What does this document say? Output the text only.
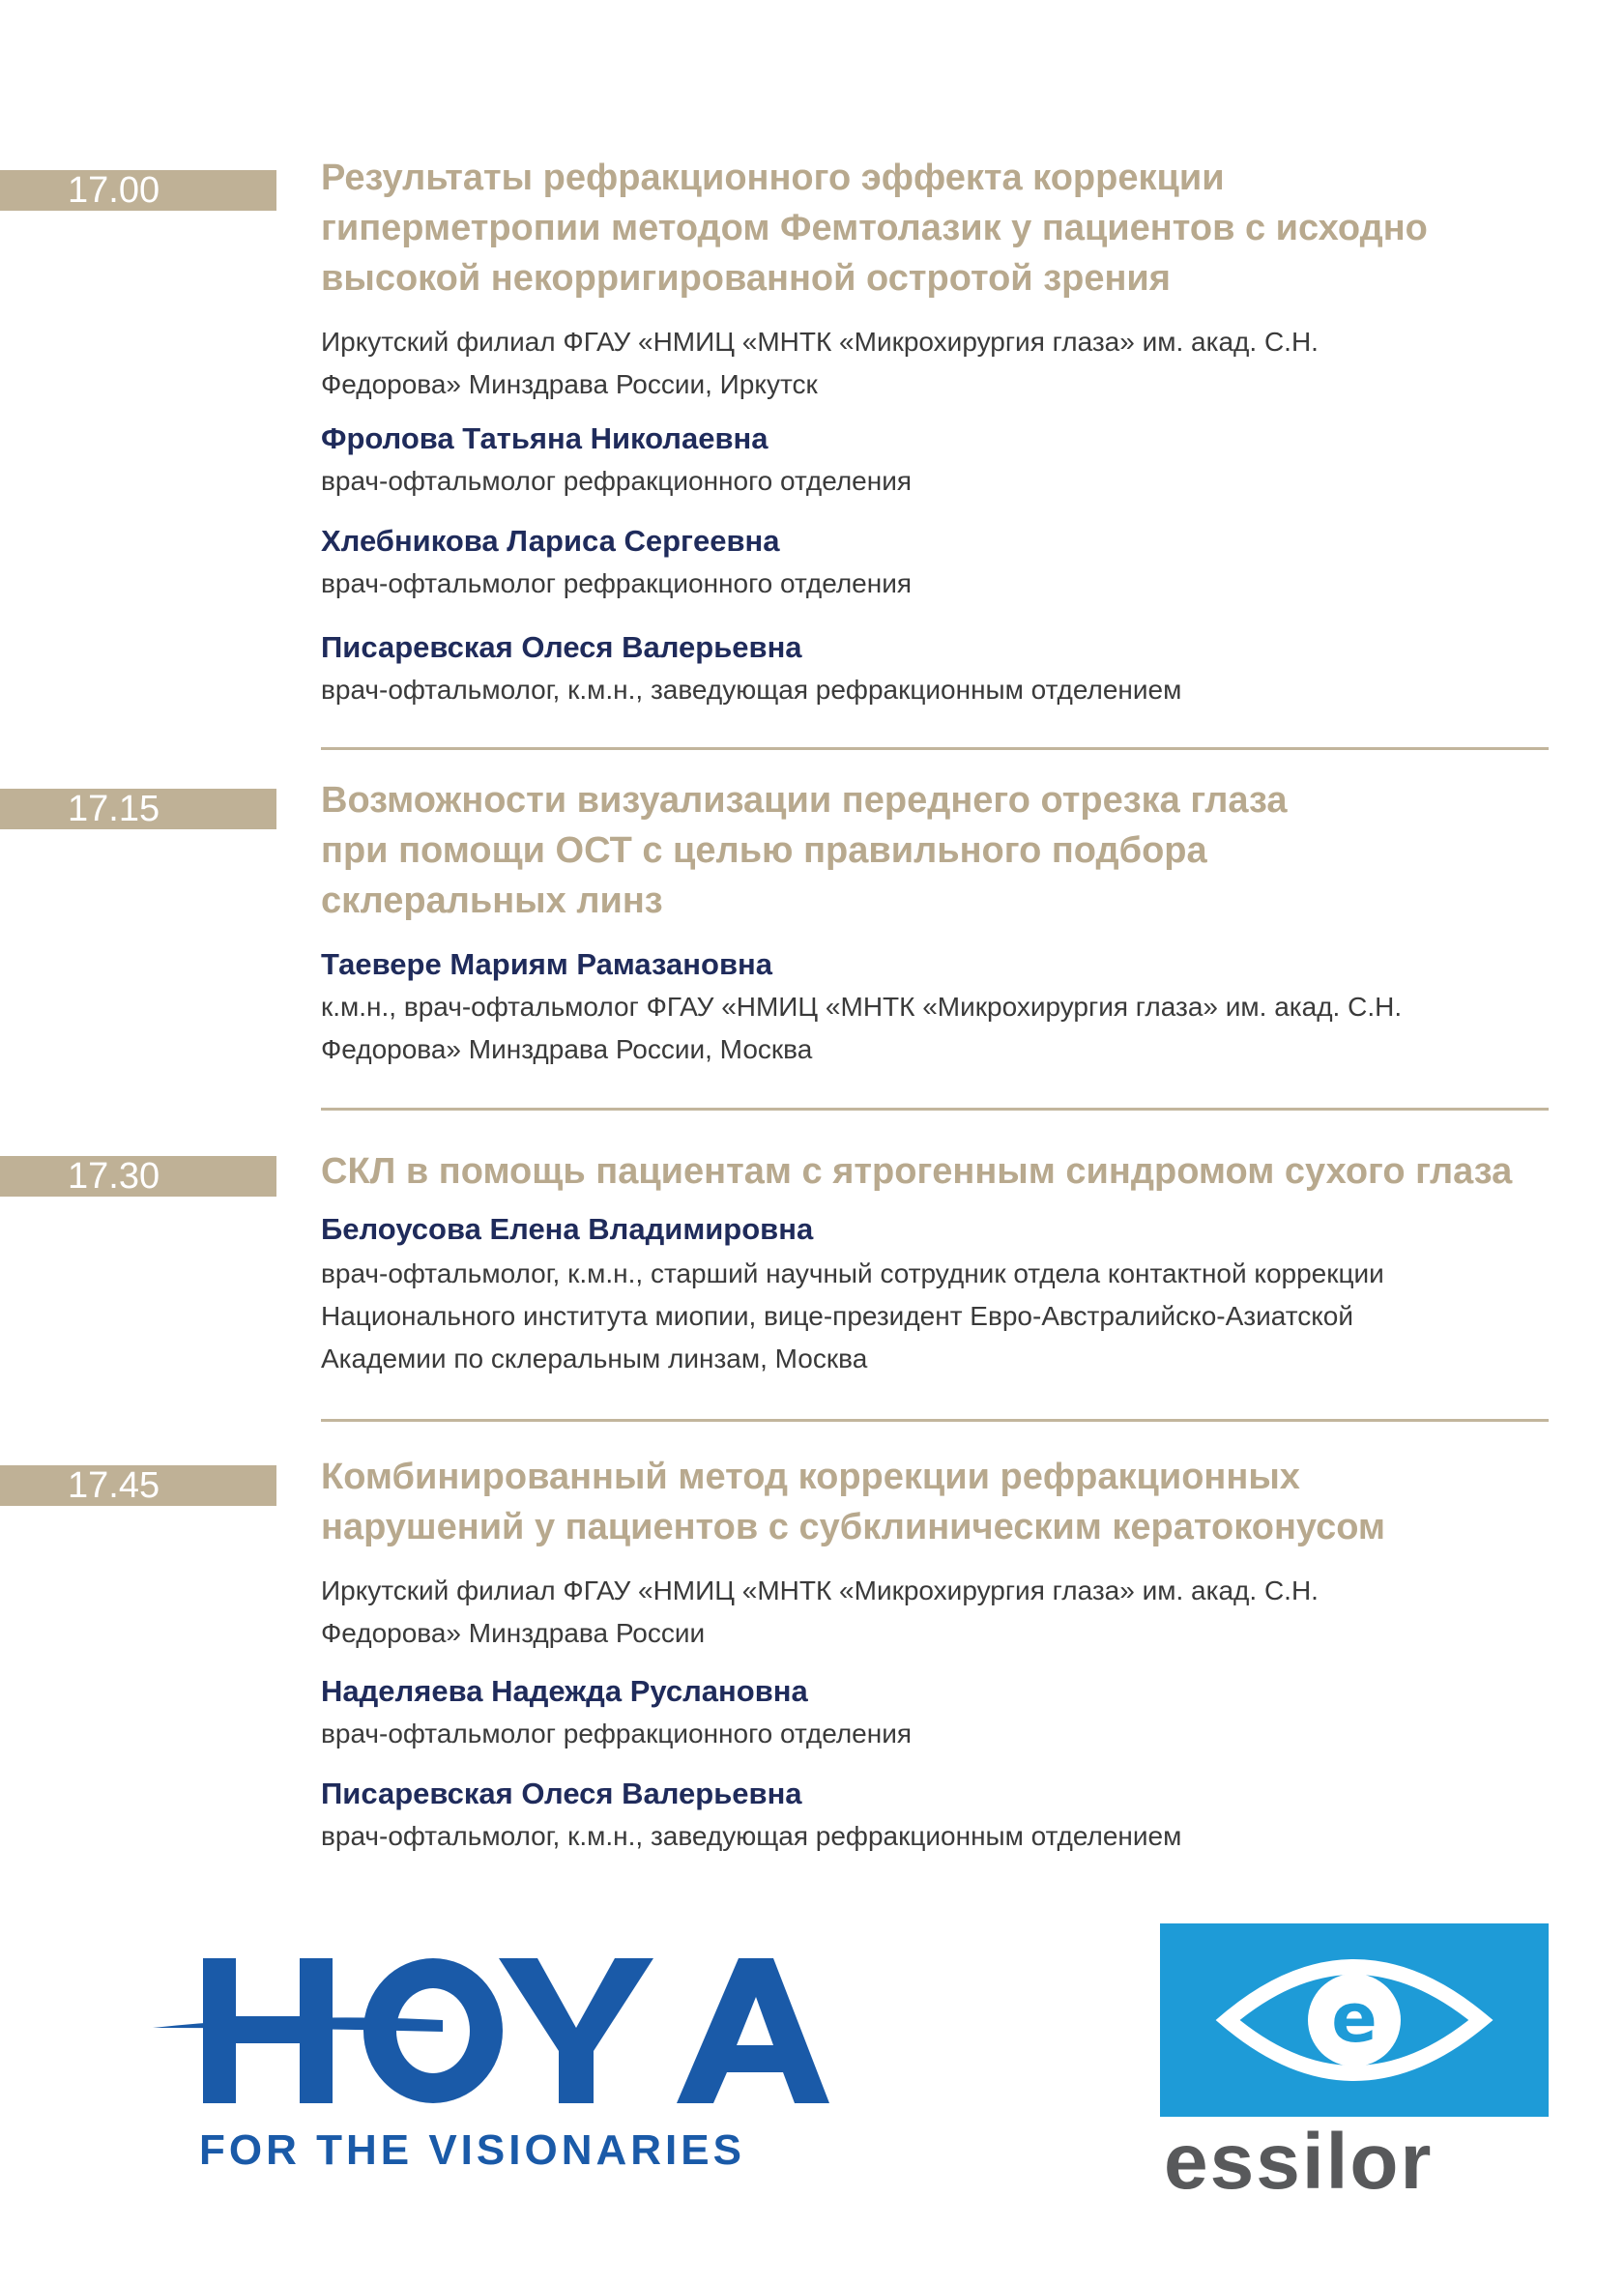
17.00	Результаты рефракционного эффекта коррекции
гиперметропии методом Фемтолазик у пациентов с исходно
высокой некорригированной остротой зрения
Иркутский филиал ФГАУ «НМИЦ «МНТК «Микрохирургия глаза» им. акад. С.Н.
Федорова» Минздрава России, Иркутск
Фролова Татьяна Николаевна
врач-офтальмолог рефракционного отделения
Хлебникова Лариса Сергеевна
врач-офтальмолог рефракционного отделения
Писаревская Олеся Валерьевна
врач-офтальмолог, к.м.н., заведующая рефракционным отделением
17.15	Возможности визуализации переднего отрезка глаза
при помощи ОСТ с целью правильного подбора
склеральных линз
Таевере Мариям Рамазановна
к.м.н., врач-офтальмолог ФГАУ «НМИЦ «МНТК «Микрохирургия глаза» им. акад. С.Н.
Федорова» Минздрава России, Москва
17.30	СКЛ в помощь пациентам с ятрогенным синдромом сухого глаза
Белоусова Елена Владимировна
врач-офтальмолог, к.м.н., старший научный сотрудник отдела контактной коррекции
Национального института миопии, вице-президент Евро-Австралийско-Азиатской
Академии по склеральным линзам, Москва
17.45	Комбинированный метод коррекции рефракционных
нарушений у пациентов с субклиническим кератоконусом
Иркутский филиал ФГАУ «НМИЦ «МНТК «Микрохирургия глаза» им. акад. С.Н.
Федорова» Минздрава России
Наделяева Надежда Руслановна
врач-офтальмолог рефракционного отделения
Писаревская Олеся Валерьевна
врач-офтальмолог, к.м.н., заведующая рефракционным отделением
FOR THE VISIONARIES
e
essilor
